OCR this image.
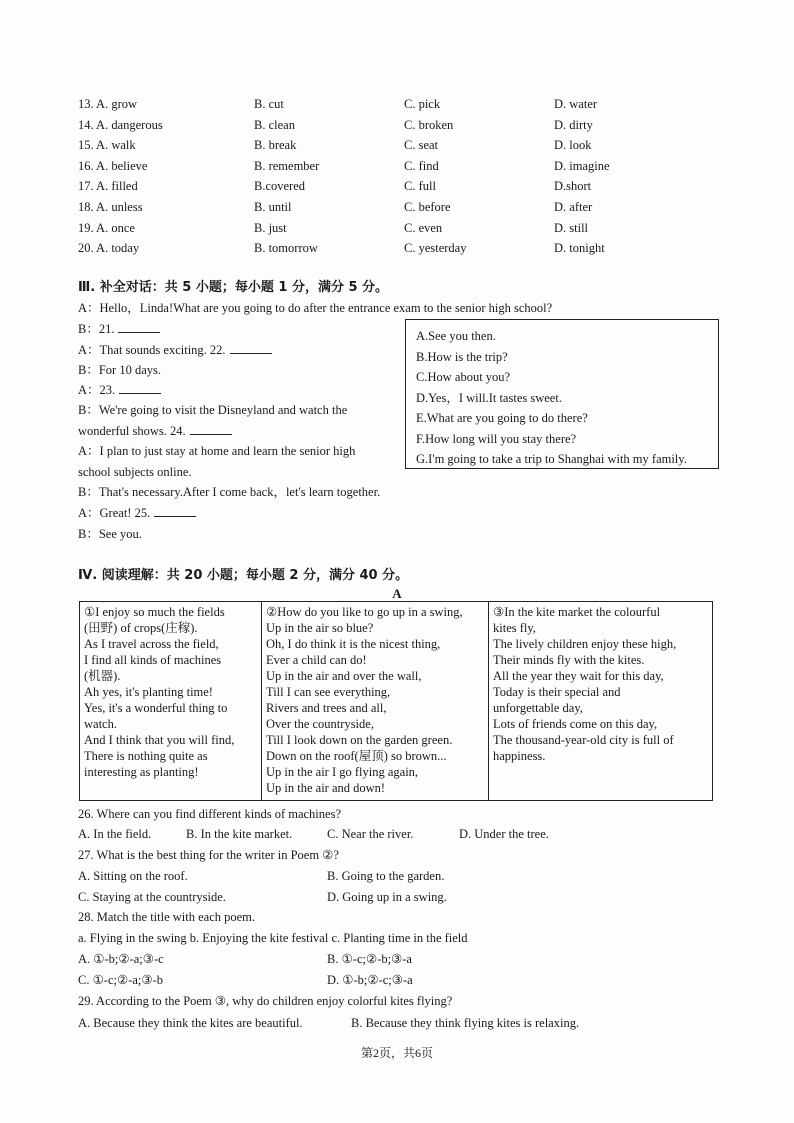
13. A. grow	B. cut	C. pick	D. water
14. A. dangerous	B. clean	C. broken	D. dirty
15. A. walk	B. break	C. seat	D. look
16. A. believe	B. remember	C. find	D. imagine
17. A. filled	B.covered	C. full	D.short
18. A. unless	B. until	C. before	D. after
19. A. once	B. just	C. even	D. still
20. A. today	B. tomorrow	C. yesterday	D. tonight
Ⅲ. 补全对话：共 5 小题；每小题 1 分，满分 5 分。
A：Hello，Linda!What are you going to do after the entrance exam to the senior high school?
B：21.
A：That sounds exciting. 22.
B：For 10 days.
A：23.
B：We're going to visit the Disneyland and watch the
wonderful shows. 24.
A：I plan to just stay at home and learn the senior high
school subjects online.
B：That's necessary.After I come back，let's learn together.
A：Great! 25.
B：See you.
A.See you then.
B.How is the trip?
C.How about you?
D.Yes，I will.It tastes sweet.
E.What are you going to do there?
F.How long will you stay there?
G.I'm going to take a trip to Shanghai with my family.
Ⅳ. 阅读理解：共 20 小题；每小题 2 分，满分 40 分。
A
①I enjoy so much the fields
(田野) of crops(庄稼).
As I travel across the field,
I find all kinds of machines
(机器).
Ah yes, it's planting time!
Yes, it's a wonderful thing to
watch.
And I think that you will find,
There is nothing quite as
interesting as planting!

②How do you like to go up in a swing,
Up in the air so blue?
Oh, I do think it is the nicest thing,
Ever a child can do!
Up in the air and over the wall,
Till I can see everything,
Rivers and trees and all,
Over the countryside,
Till I look down on the garden green.
Down on the roof(屋顶) so brown...
Up in the air I go flying again,
Up in the air and down!

③In the kite market the colourful
kites fly,
The lively children enjoy these high,
Their minds fly with the kites.
All the year they wait for this day,
Today is their special and
unforgettable day,
Lots of friends come on this day,
The thousand-year-old city is full of
happiness.
26. Where can you find different kinds of machines?
A. In the field.	B. In the kite market.	C. Near the river.	D. Under the tree.
27. What is the best thing for the writer in Poem ②?
A. Sitting on the roof.	B. Going to the garden.
C. Staying at the countryside.	D. Going up in a swing.
28. Match the title with each poem.
a. Flying in the swing b. Enjoying the kite festival c. Planting time in the field
A. ①-b;②-a;③-c	B. ①-c;②-b;③-a
C. ①-c;②-a;③-b	D. ①-b;②-c;③-a
29. According to the Poem ③, why do children enjoy colorful kites flying?
A. Because they think the kites are beautiful.	B. Because they think flying kites is relaxing.
第2页，共6页
